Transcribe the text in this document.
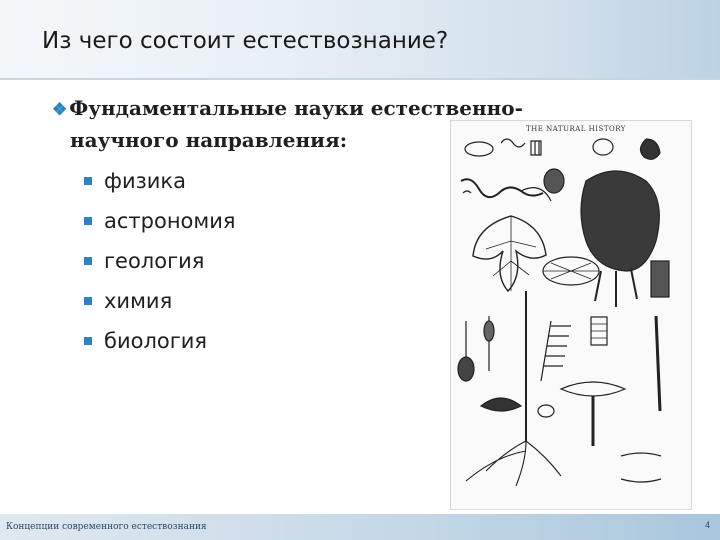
Из чего состоит естествознание?
❖ Фундаментальные науки естественно-
научного направления:
физика
астрономия
геология
химия
биология
THE NATURAL HISTORY
Концепции современного естествознания	4
